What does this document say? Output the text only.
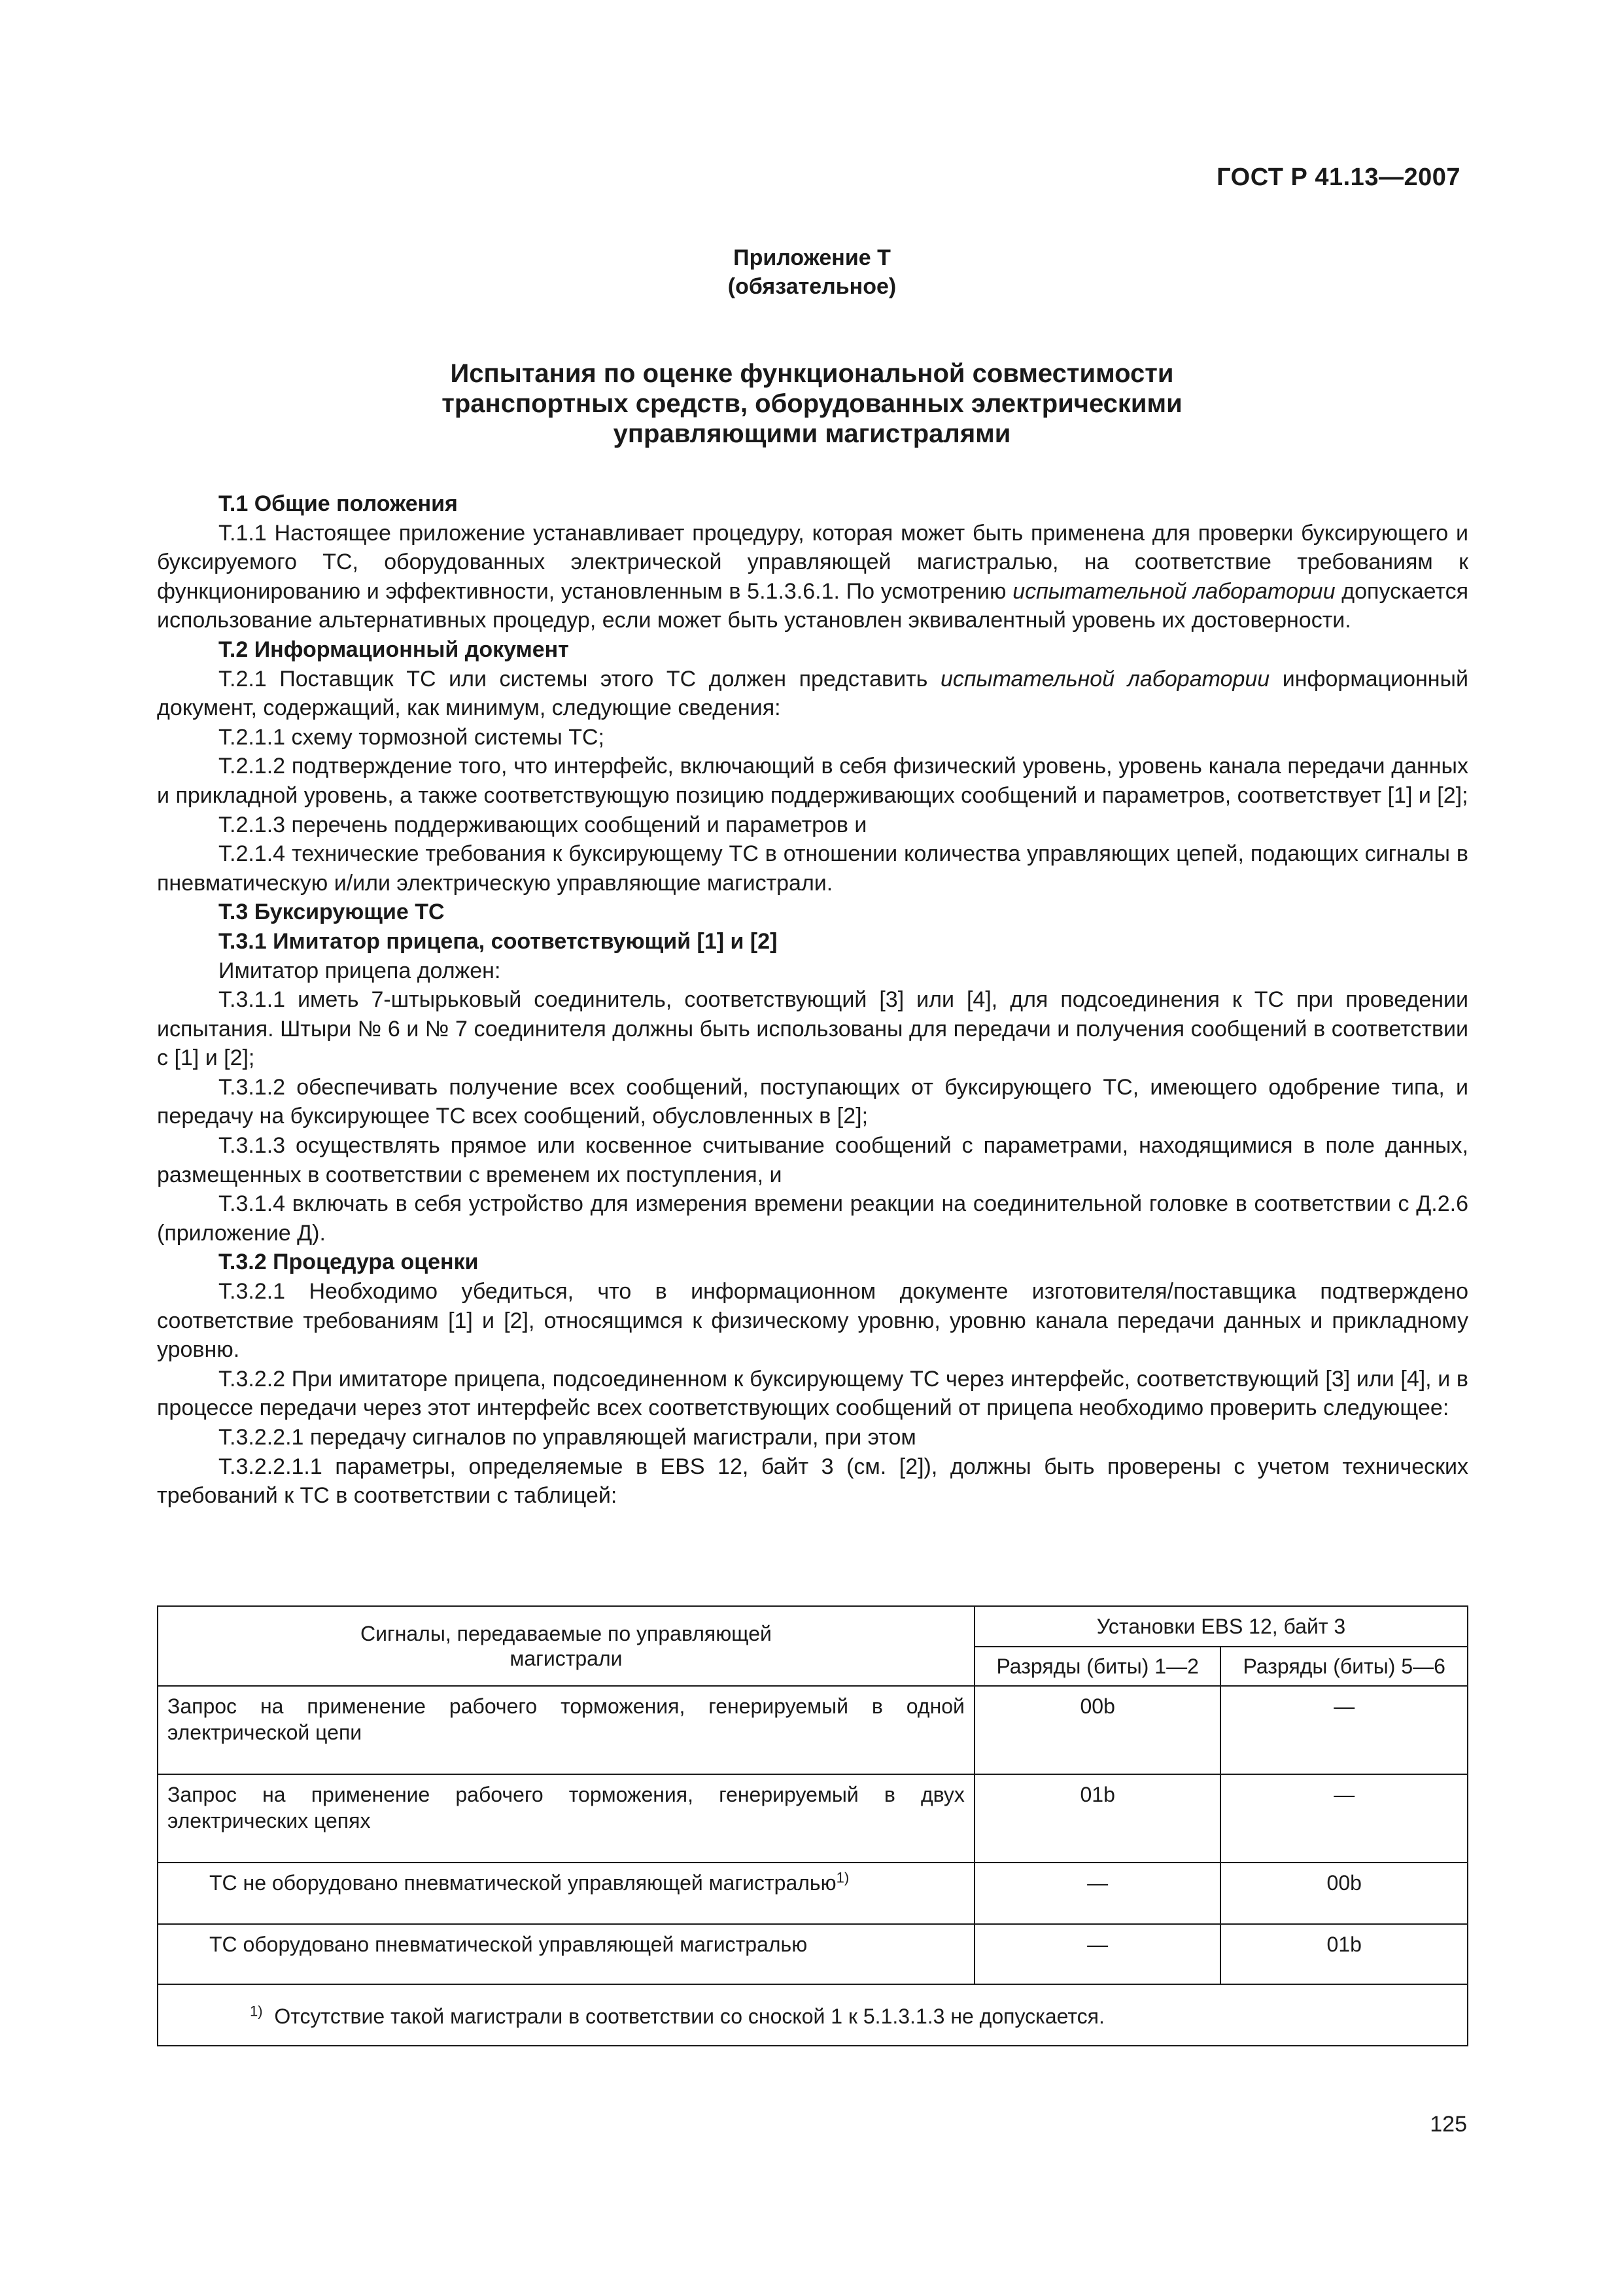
ГОСТ Р 41.13—2007
Приложение Т
(обязательное)
Испытания по оценке функциональной совместимости
транспортных средств, оборудованных электрическими
управляющими магистралями

Т.1 Общие положения

Т.1.1 Настоящее приложение устанавливает процедуру, которая может быть применена для проверки буксирующего и буксируемого ТС, оборудованных электрической управляющей магистралью, на соответствие требованиям к функционированию и эффективности, установленным в 5.1.3.6.1. По усмотрению испытательной лаборатории допускается использование альтернативных процедур, если может быть установлен эквивалентный уровень их достоверности.

Т.2 Информационный документ

Т.2.1 Поставщик ТС или системы этого ТС должен представить испытательной лаборатории информационный документ, содержащий, как минимум, следующие сведения:

Т.2.1.1 схему тормозной системы ТС;

Т.2.1.2 подтверждение того, что интерфейс, включающий в себя физический уровень, уровень канала передачи данных и прикладной уровень, а также соответствующую позицию поддерживающих сообщений и параметров, соответствует [1] и [2];

Т.2.1.3 перечень поддерживающих сообщений и параметров и

Т.2.1.4 технические требования к буксирующему ТС в отношении количества управляющих цепей, подающих сигналы в пневматическую и/или электрическую управляющие магистрали.

Т.3 Буксирующие ТС

Т.3.1 Имитатор прицепа, соответствующий [1] и [2]

Имитатор прицепа должен:

Т.3.1.1 иметь 7-штырьковый соединитель, соответствующий [3] или [4], для подсоединения к ТС при проведении испытания. Штыри № 6 и № 7 соединителя должны быть использованы для передачи и получения сообщений в соответствии с [1] и [2];

Т.3.1.2 обеспечивать получение всех сообщений, поступающих от буксирующего ТС, имеющего одобрение типа, и передачу на буксирующее ТС всех сообщений, обусловленных в [2];

Т.3.1.3 осуществлять прямое или косвенное считывание сообщений с параметрами, находящимися в поле данных, размещенных в соответствии с временем их поступления, и

Т.3.1.4 включать в себя устройство для измерения времени реакции на соединительной головке в соответствии с Д.2.6 (приложение Д).

Т.3.2 Процедура оценки

Т.3.2.1 Необходимо убедиться, что в информационном документе изготовителя/поставщика подтверждено соответствие требованиям [1] и [2], относящимся к физическому уровню, уровню канала передачи данных и прикладному уровню.

Т.3.2.2 При имитаторе прицепа, подсоединенном к буксирующему ТС через интерфейс, соответствующий [3] или [4], и в процессе передачи через этот интерфейс всех соответствующих сообщений от прицепа необходимо проверить следующее:

Т.3.2.2.1 передачу сигналов по управляющей магистрали, при этом

Т.3.2.2.1.1 параметры, определяемые в EBS 12, байт 3 (см. [2]), должны быть проверены с учетом технических требований к ТС в соответствии с таблицей:

Сигналы, передаваемые по управляющей магистрали	Установки EBS 12, байт 3	
	Разряды (биты) 1—2	Разряды (биты) 5—6
Запрос на применение рабочего торможения, генерируемый в одной электрической цепи	00b	—
Запрос на применение рабочего торможения, генерируемый в двух электрических цепях	01b	—
ТС не оборудовано пневматической управляющей магистралью$^{1)}$	—	00b
ТС оборудовано пневматической управляющей магистралью	—	01b
$^{1)}$ Отсутствие такой магистрали в соответствии со сноской 1 к 5.1.3.1.3 не допускается.		
125
